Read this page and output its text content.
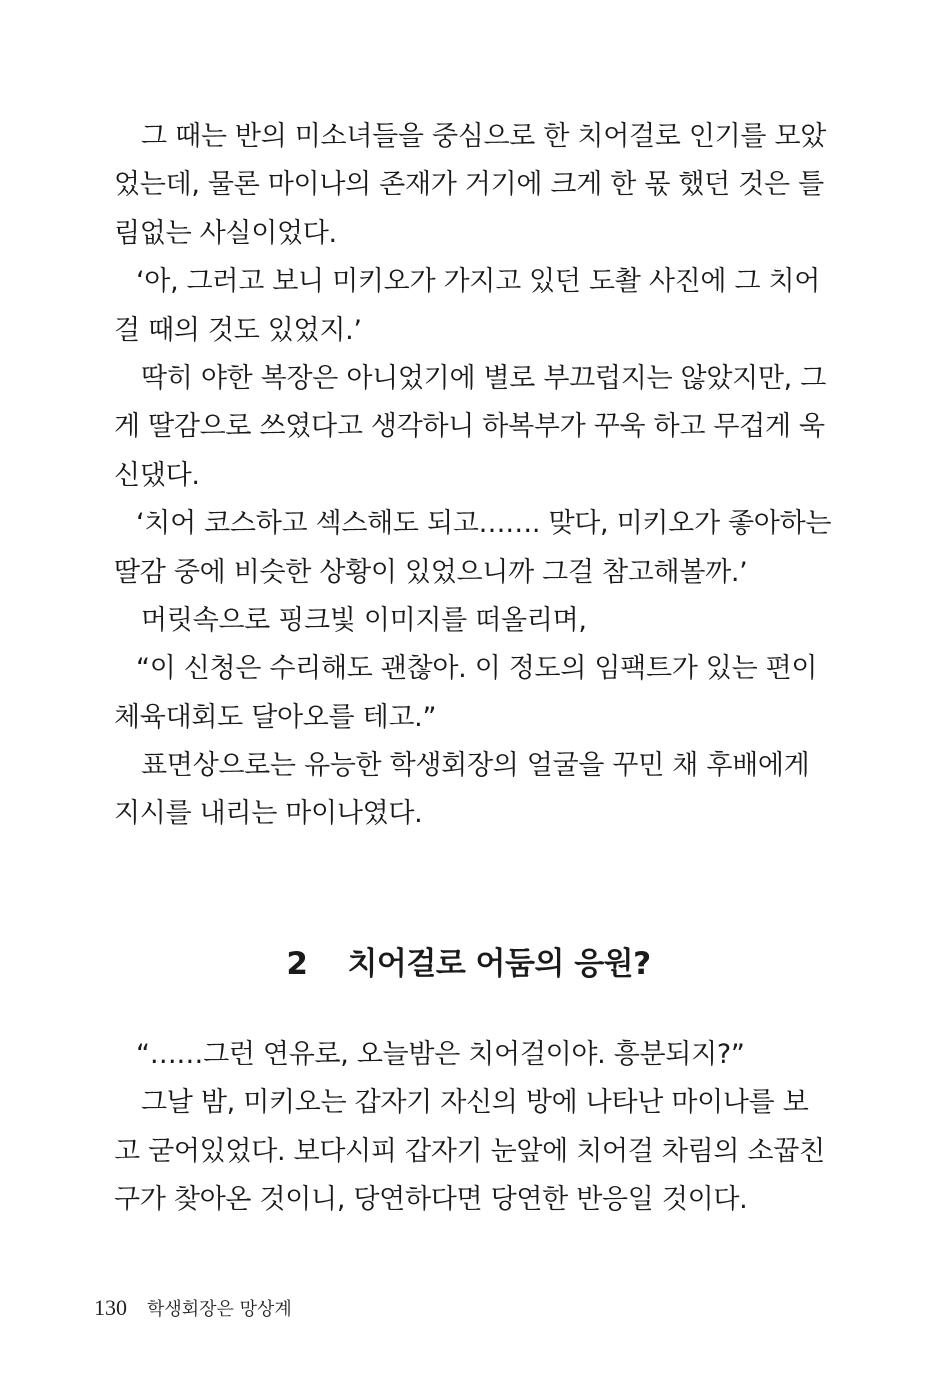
그 때는 반의 미소녀들을 중심으로 한 치어걸로 인기를 모았
었는데, 물론 마이나의 존재가 거기에 크게 한 몫 했던 것은 틀
림없는 사실이었다.
‘아, 그러고 보니 미키오가 가지고 있던 도촬 사진에 그 치어
걸 때의 것도 있었지.’
딱히 야한 복장은 아니었기에 별로 부끄럽지는 않았지만, 그
게 딸감으로 쓰였다고 생각하니 하복부가 꾸욱 하고 무겁게 욱
신댔다.
‘치어 코스하고 섹스해도 되고……. 맞다, 미키오가 좋아하는
딸감 중에 비슷한 상황이 있었으니까 그걸 참고해볼까.’
머릿속으로 핑크빛 이미지를 떠올리며,
“이 신청은 수리해도 괜찮아. 이 정도의 임팩트가 있는 편이
체육대회도 달아오를 테고.”
표면상으로는 유능한 학생회장의 얼굴을 꾸민 채 후배에게
지시를 내리는 마이나였다.
2 치어걸로 어둠의 응원?
“……그런 연유로, 오늘밤은 치어걸이야. 흥분되지?”
그날 밤, 미키오는 갑자기 자신의 방에 나타난 마이나를 보
고 굳어있었다. 보다시피 갑자기 눈앞에 치어걸 차림의 소꿉친
구가 찾아온 것이니, 당연하다면 당연한 반응일 것이다.
130 학생회장은 망상계
